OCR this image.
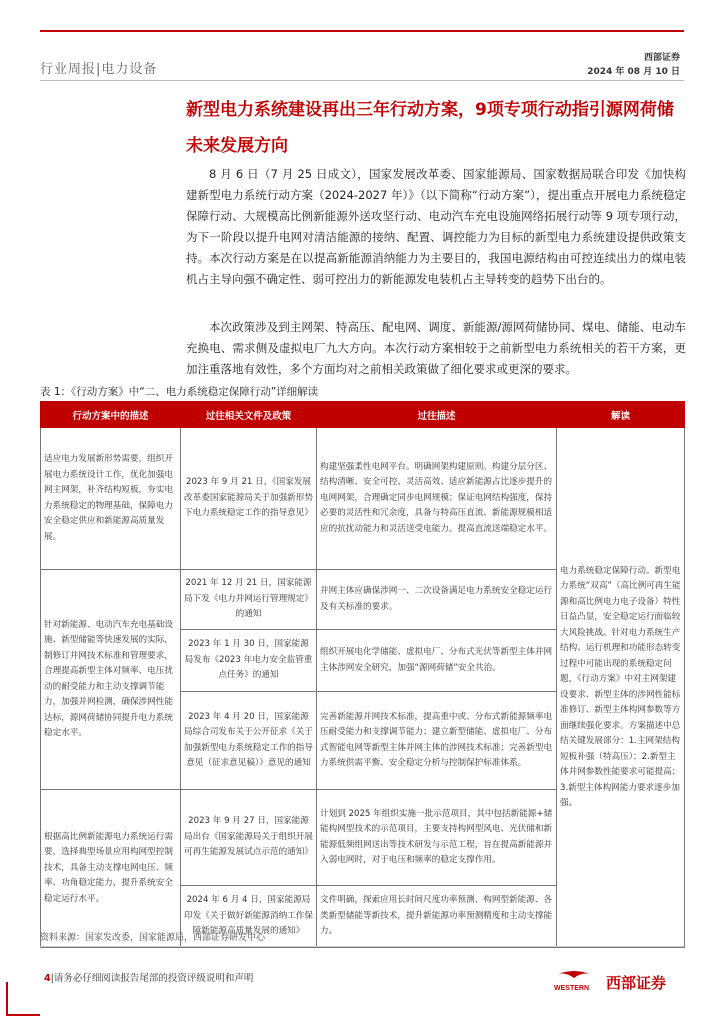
行业周报|电力设备
西部证券
2024 年 08 月 10 日
新型电力系统建设再出三年行动方案，9项专项行动指引源网荷储未来发展方向

8 月 6 日（7 月 25 日成文），国家发展改革委、国家能源局、国家数据局联合印发《加快构建新型电力系统行动方案（2024-2027 年）》（以下简称“行动方案”），提出重点开展电力系统稳定保障行动、大规模高比例新能源外送攻坚行动、电动汽车充电设施网络拓展行动等 9 项专项行动，为下一阶段以提升电网对清洁能源的接纳、配置、调控能力为目标的新型电力系统建设提供政策支持。本次行动方案是在以提高新能源消纳能力为主要目的，我国电源结构由可控连续出力的煤电装机占主导向强不确定性、弱可控出力的新能源发电装机占主导转变的趋势下出台的。

本次政策涉及到主网架、特高压、配电网、调度、新能源/源网荷储协同、煤电、储能、电动车充换电、需求侧及虚拟电厂九大方向。本次行动方案相较于之前新型电力系统相关的若干方案，更加注重落地有效性，多个方面均对之前相关政策做了细化要求或更深的要求。

表 1：《行动方案》中“二、电力系统稳定保障行动”详细解读
行动方案中的描述	过往相关文件及政策	过往描述	解读
适应电力发展新形势需要，组织开展电力系统设计工作，优化加强电网主网架，补齐结构短板，夯实电力系统稳定的物理基础，保障电力安全稳定供应和新能源高质量发展。	2023 年 9 月 21 日，《国家发展改革委国家能源局关于加强新形势下电力系统稳定工作的指导意见》	构建坚强柔性电网平台。明确网架构建原则。构建分层分区、结构清晰、安全可控、灵活高效、适应新能源占比逐步提升的电网网架，合理确定同步电网规模；保证电网结构强度，保持必要的灵活性和冗余度，具备与特高压直流、新能源规模相适应的抗扰动能力和灵活送受电能力。提高直流送端稳定水平。	电力系统稳定保障行动。新型电力系统“双高”（高比例可再生能源和高比例电力电子设备）特性日益凸显，安全稳定运行面临较大风险挑战。针对电力系统生产结构、运行机理和功能形态转变过程中可能出现的系统稳定问题，《行动方案》中对主网架建设要求、新型主体的涉网性能标准修订、新型主体构网参数等方面继续强化要求。方案描述中总结关键发展部分：1.主网架结构短板补强（特高压）；2.新型主体并网参数性能要求可能提高；3.新型主体构网能力要求逐步加强。
针对新能源、电动汽车充电基础设施、新型储能等快速发展的实际，制修订并网技术标准和管理要求，合理提高新型主体对频率、电压扰动的耐受能力和主动支撑调节能力，加强并网检测，确保涉网性能达标，源网荷储协同提升电力系统稳定水平。	2021 年 12 月 21 日，国家能源局下发《电力并网运行管理规定》的通知	并网主体应确保涉网一、二次设备满足电力系统安全稳定运行及有关标准的要求。	
	2023 年 1 月 30 日，国家能源局发布《2023 年电力安全监管重点任务》的通知	组织开展电化学储能、虚拟电厂、分布式光伏等新型主体并网主体涉网安全研究，加强“源网荷储”安全共治。	
	2023 年 4 月 20 日，国家能源局综合司发布关于公开征求《关于加强新型电力系统稳定工作的指导意见（征求意见稿）》意见的通知	完善新能源并网技术标准，提高重中或、分布式新能源频率电压耐受能力和支撑调节能力；建立新型储能、虚拟电厂、分布式智能电网等新型主体并网主体的涉网技术标准；完善新型电力系统供需平衡、安全稳定分析与控制保护标准体系。	
根据高比例新能源电力系统运行需要，选择典型场景应用构网型控制技术，具备主动支撑电网电压、频率、功角稳定能力，提升系统安全稳定运行水平。	2023 年 9 月 27 日，国家能源局出台《国家能源局关于组织开展可再生能源发展试点示范的通知》	计划到 2025 年组织实施一批示范项目，其中包括新能源+储能构网型技术的示范项目，主要支持构网型风电、光伏储和新能源低频组网送出等技术研发与示范工程，旨在提高新能源并入弱电网时，对于电压和频率的稳定支撑作用。	
	2024 年 6 月 4 日，国家能源局印发《关于做好新能源消纳工作保障新能源高质量发展的通知》	文件明确，探索应用长时间尺度功率预测、构网型新能源、各类新型储能等新技术，提升新能源功率预测精度和主动支撑能力。	
资料来源：国家发改委，国家能源局，西部证券研发中心
4|请务必仔细阅读报告尾部的投资评级说明和声明
WESTERN 西部证券
